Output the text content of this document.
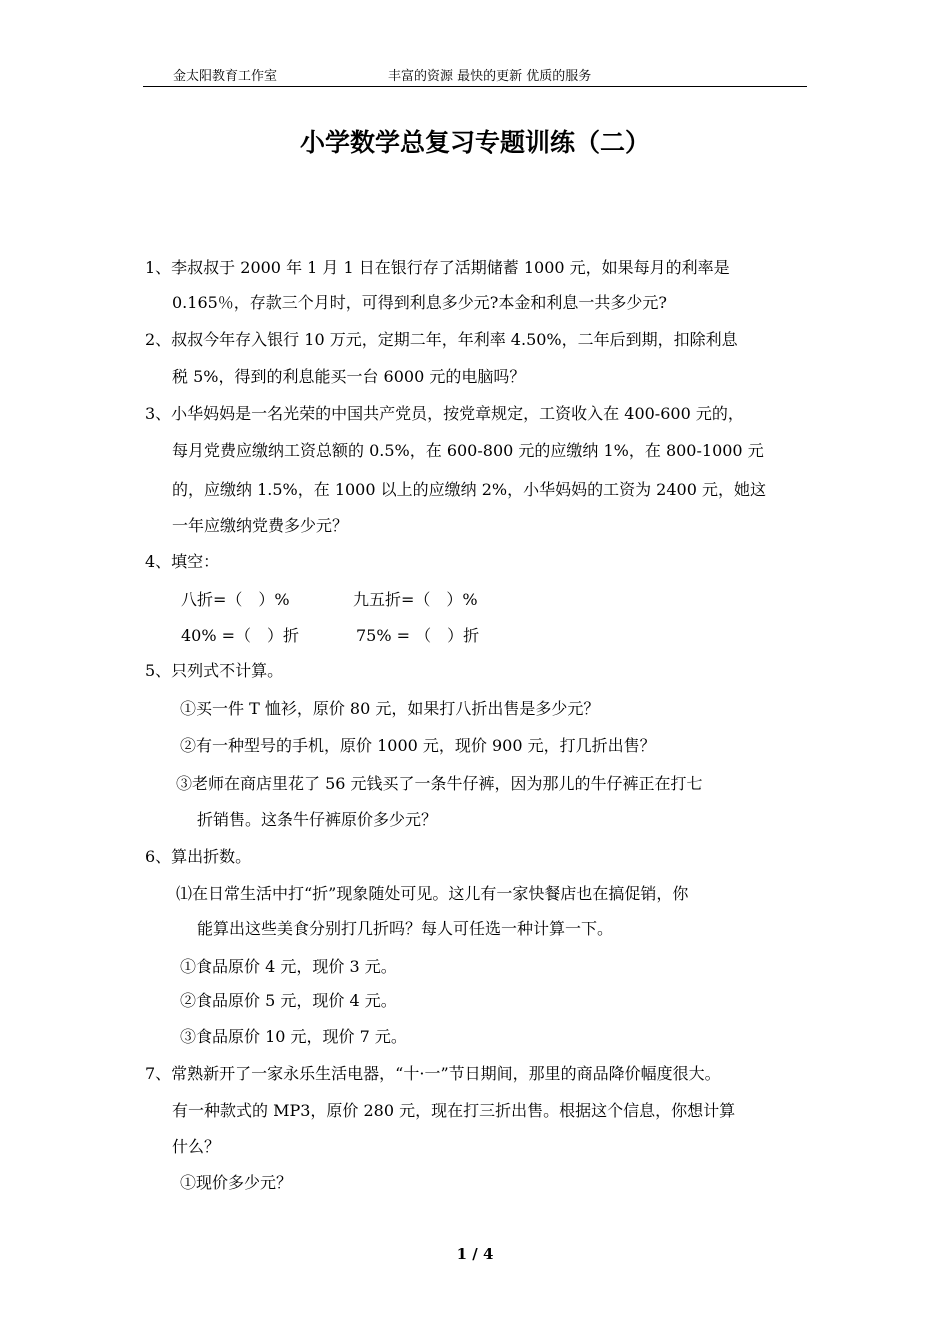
金太阳教育工作室	丰富的资源 最快的更新 优质的服务
小学数学总复习专题训练（二）
1、李叔叔于 2000 年 1 月 1 日在银行存了活期储蓄 1000 元，如果每月的利率是
0.165％，存款三个月时，可得到利息多少元?本金和利息一共多少元?
2、叔叔今年存入银行 10 万元，定期二年，年利率 4.50%，二年后到期，扣除利息
税 5%，得到的利息能买一台 6000 元的电脑吗？
3、小华妈妈是一名光荣的中国共产党员，按党章规定，工资收入在 400-600 元的，
每月党费应缴纳工资总额的 0.5%，在 600-800 元的应缴纳 1%，在 800-1000 元
的，应缴纳 1.5%，在 1000 以上的应缴纳 2%，小华妈妈的工资为 2400 元，她这
一年应缴纳党费多少元？
4、填空：
八折=（　）%	九五折=（　）%
40% =（　）折	75% = （　）折
5、只列式不计算。
①买一件 T 恤衫，原价 80 元，如果打八折出售是多少元？
②有一种型号的手机，原价 1000 元，现价 900 元，打几折出售？
③老师在商店里花了 56 元钱买了一条牛仔裤，因为那儿的牛仔裤正在打七
折销售。这条牛仔裤原价多少元？
6、算出折数。
⑴在日常生活中打“折”现象随处可见。这儿有一家快餐店也在搞促销，你
能算出这些美食分别打几折吗？每人可任选一种计算一下。
①食品原价 4 元，现价 3 元。
②食品原价 5 元，现价 4 元。
③食品原价 10 元，现价 7 元。
7、常熟新开了一家永乐生活电器，“十·一”节日期间，那里的商品降价幅度很大。
有一种款式的 MP3，原价 280 元，现在打三折出售。根据这个信息，你想计算
什么？
①现价多少元？
1 / 4
